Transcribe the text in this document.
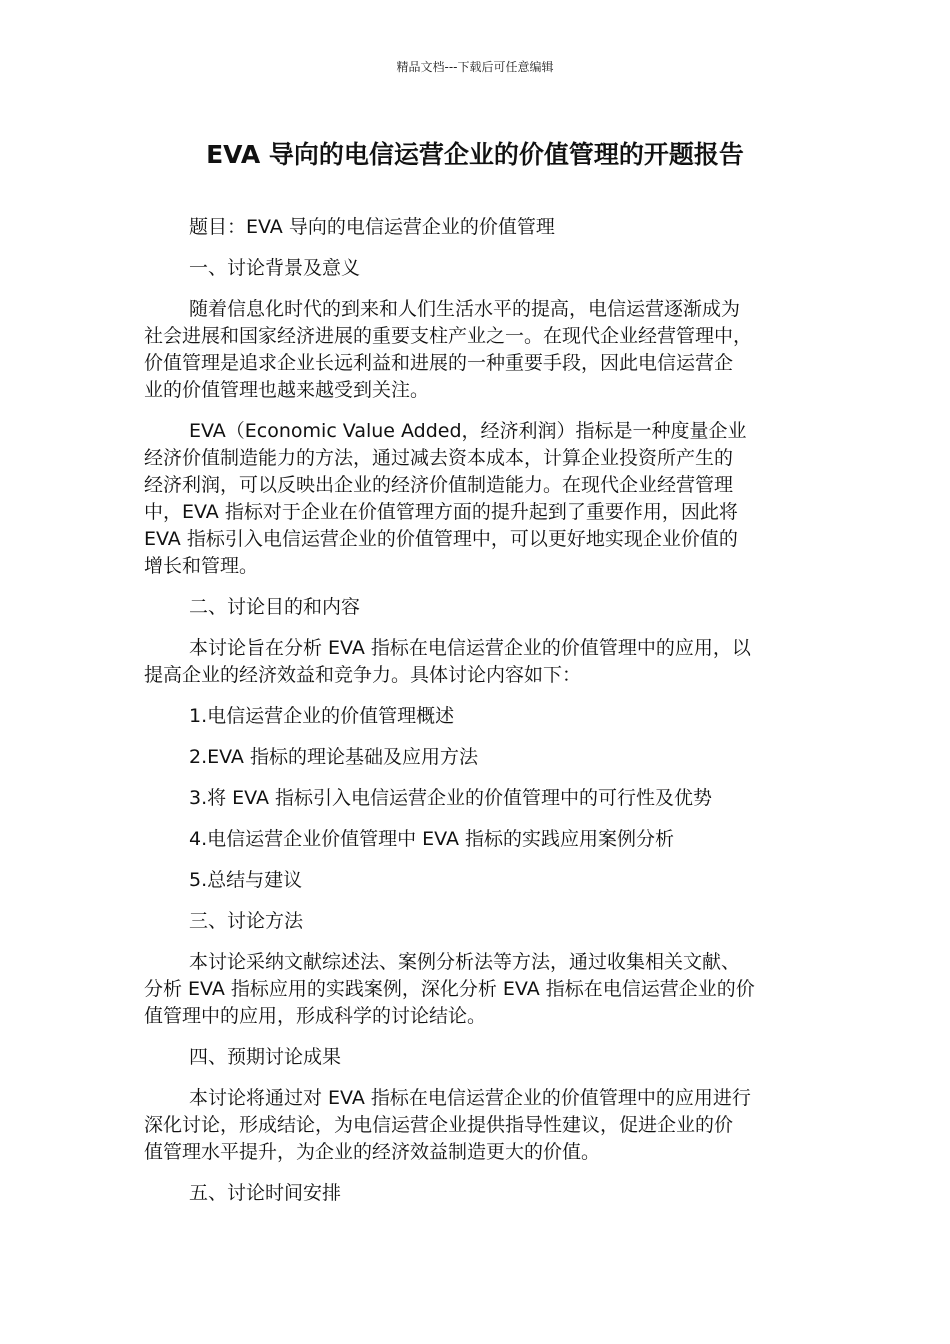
精品文档---下载后可任意编辑
EVA 导向的电信运营企业的价值管理的开题报告
题目：EVA 导向的电信运营企业的价值管理
一、讨论背景及意义
随着信息化时代的到来和人们生活水平的提高，电信运营逐渐成为
社会进展和国家经济进展的重要支柱产业之一。在现代企业经营管理中，
价值管理是追求企业长远利益和进展的一种重要手段，因此电信运营企
业的价值管理也越来越受到关注。
EVA（Economic Value Added，经济利润）指标是一种度量企业
经济价值制造能力的方法，通过减去资本成本，计算企业投资所产生的
经济利润，可以反映出企业的经济价值制造能力。在现代企业经营管理
中，EVA 指标对于企业在价值管理方面的提升起到了重要作用，因此将
EVA 指标引入电信运营企业的价值管理中，可以更好地实现企业价值的
增长和管理。
二、讨论目的和内容
本讨论旨在分析 EVA 指标在电信运营企业的价值管理中的应用，以
提高企业的经济效益和竞争力。具体讨论内容如下：
1.电信运营企业的价值管理概述
2.EVA 指标的理论基础及应用方法
3.将 EVA 指标引入电信运营企业的价值管理中的可行性及优势
4.电信运营企业价值管理中 EVA 指标的实践应用案例分析
5.总结与建议
三、讨论方法
本讨论采纳文献综述法、案例分析法等方法，通过收集相关文献、
分析 EVA 指标应用的实践案例，深化分析 EVA 指标在电信运营企业的价
值管理中的应用，形成科学的讨论结论。
四、预期讨论成果
本讨论将通过对 EVA 指标在电信运营企业的价值管理中的应用进行
深化讨论，形成结论，为电信运营企业提供指导性建议，促进企业的价
值管理水平提升，为企业的经济效益制造更大的价值。
五、讨论时间安排
